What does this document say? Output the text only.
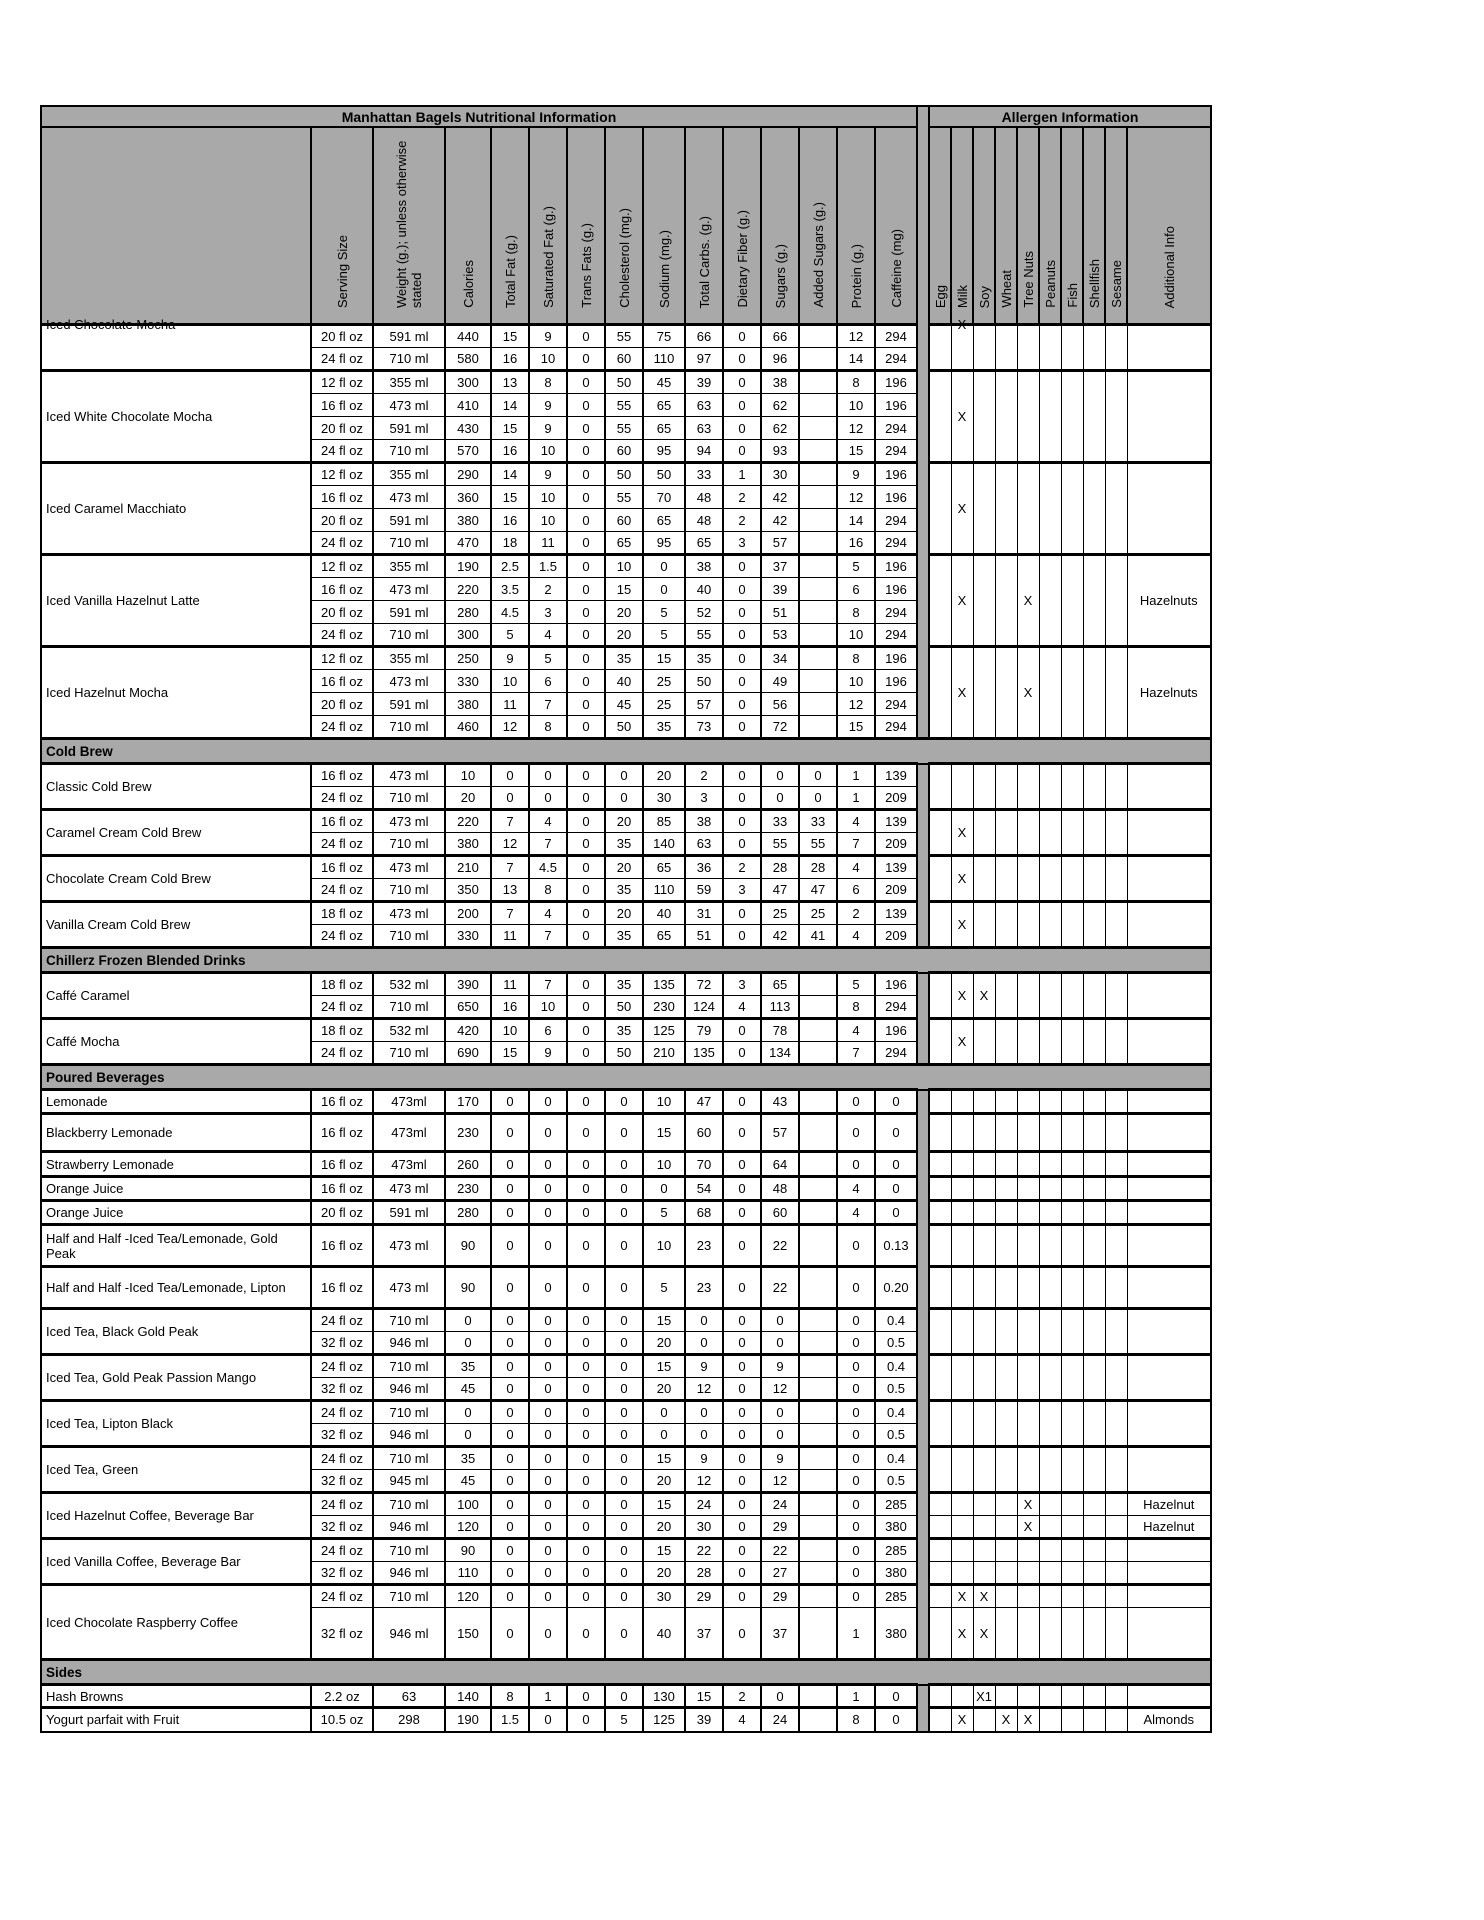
Manhattan Bagels Nutritional Information																Allergen Information									
	Serving Size	Weight (g.); unless otherwise stated	Calories	Total Fat (g.)	Saturated Fat (g.)	Trans Fats (g.)	Cholesterol (mg.)	Sodium (mg.)	Total Carbs. (g.)	Dietary Fiber (g.)	Sugars (g.)	Added Sugars (g.)	Protein (g.)	Caffeine (mg)		Egg	Milk	Soy	Wheat	Tree Nuts	Peanuts	Fish	Shellfish	Sesame	Additional Info

Iced Chocolate Mocha	20 fl oz	591 ml	440	15	9	0	55	75	66	0	66		12	294			X								

	24 fl oz	710 ml	580	16	10	0	60	110	97	0	96		14	294											
Iced White Chocolate Mocha	12 fl oz	355 ml	300	13	8	0	50	45	39	0	38		8	196			X								
	16 fl oz	473 ml	410	14	9	0	55	65	63	0	62		10	196											
	20 fl oz	591 ml	430	15	9	0	55	65	63	0	62		12	294											
	24 fl oz	710 ml	570	16	10	0	60	95	94	0	93		15	294											
Iced Caramel Macchiato	12 fl oz	355 ml	290	14	9	0	50	50	33	1	30		9	196			X								
	16 fl oz	473 ml	360	15	10	0	55	70	48	2	42		12	196											
	20 fl oz	591 ml	380	16	10	0	60	65	48	2	42		14	294											
	24 fl oz	710 ml	470	18	11	0	65	95	65	3	57		16	294											
Iced Vanilla Hazelnut Latte	12 fl oz	355 ml	190	2.5	1.5	0	10	0	38	0	37		5	196			X			X					Hazelnuts
	16 fl oz	473 ml	220	3.5	2	0	15	0	40	0	39		6	196											
	20 fl oz	591 ml	280	4.5	3	0	20	5	52	0	51		8	294											
	24 fl oz	710 ml	300	5	4	0	20	5	55	0	53		10	294											
Iced Hazelnut Mocha	12 fl oz	355 ml	250	9	5	0	35	15	35	0	34		8	196			X			X					Hazelnuts
	16 fl oz	473 ml	330	10	6	0	40	25	50	0	49		10	196											
	20 fl oz	591 ml	380	11	7	0	45	25	57	0	56		12	294											
	24 fl oz	710 ml	460	12	8	0	50	35	73	0	72		15	294											
Cold Brew																									
Classic Cold Brew	16 fl oz	473 ml	10	0	0	0	0	20	2	0	0	0	1	139											
	24 fl oz	710 ml	20	0	0	0	0	30	3	0	0	0	1	209											
Caramel Cream Cold Brew	16 fl oz	473 ml	220	7	4	0	20	85	38	0	33	33	4	139			X								
	24 fl oz	710 ml	380	12	7	0	35	140	63	0	55	55	7	209											
Chocolate Cream Cold Brew	16 fl oz	473 ml	210	7	4.5	0	20	65	36	2	28	28	4	139			X								
	24 fl oz	710 ml	350	13	8	0	35	110	59	3	47	47	6	209											
Vanilla Cream Cold Brew	18 fl oz	473 ml	200	7	4	0	20	40	31	0	25	25	2	139			X								
	24 fl oz	710 ml	330	11	7	0	35	65	51	0	42	41	4	209											
Chillerz Frozen Blended Drinks																									
Caffé Caramel	18 fl oz	532 ml	390	11	7	0	35	135	72	3	65		5	196			X	X							
	24 fl oz	710 ml	650	16	10	0	50	230	124	4	113		8	294											
Caffé Mocha	18 fl oz	532 ml	420	10	6	0	35	125	79	0	78		4	196			X								
	24 fl oz	710 ml	690	15	9	0	50	210	135	0	134		7	294											
Poured Beverages																									
Lemonade	16 fl oz	473ml	170	0	0	0	0	10	47	0	43		0	0											
Blackberry Lemonade	16 fl oz	473ml	230	0	0	0	0	15	60	0	57		0	0											
Strawberry Lemonade	16 fl oz	473ml	260	0	0	0	0	10	70	0	64		0	0											
Orange Juice	16 fl oz	473 ml	230	0	0	0	0	0	54	0	48		4	0											
Orange Juice	20 fl oz	591 ml	280	0	0	0	0	5	68	0	60		4	0											
Half and Half -Iced Tea/Lemonade, Gold Peak	16 fl oz	473 ml	90	0	0	0	0	10	23	0	22		0	0.13											
Half and Half -Iced Tea/Lemonade, Lipton	16 fl oz	473 ml	90	0	0	0	0	5	23	0	22		0	0.20											
Iced Tea, Black Gold Peak	24 fl oz	710 ml	0	0	0	0	0	15	0	0	0		0	0.4											
	32 fl oz	946 ml	0	0	0	0	0	20	0	0	0		0	0.5											
Iced Tea, Gold Peak Passion Mango	24 fl oz	710 ml	35	0	0	0	0	15	9	0	9		0	0.4											
	32 fl oz	946 ml	45	0	0	0	0	20	12	0	12		0	0.5											
Iced Tea, Lipton Black	24 fl oz	710 ml	0	0	0	0	0	0	0	0	0		0	0.4											
	32 fl oz	946 ml	0	0	0	0	0	0	0	0	0		0	0.5											
Iced Tea, Green	24 fl oz	710 ml	35	0	0	0	0	15	9	0	9		0	0.4											
	32 fl oz	945 ml	45	0	0	0	0	20	12	0	12		0	0.5											
Iced Hazelnut Coffee, Beverage Bar	24 fl oz	710 ml	100	0	0	0	0	15	24	0	24		0	285						X					Hazelnut
	32 fl oz	946 ml	120	0	0	0	0	20	30	0	29		0	380						X					Hazelnut
Iced Vanilla Coffee, Beverage Bar	24 fl oz	710 ml	90	0	0	0	0	15	22	0	22		0	285											
	32 fl oz	946 ml	110	0	0	0	0	20	28	0	27		0	380											
Iced Chocolate Raspberry Coffee	24 fl oz	710 ml	120	0	0	0	0	30	29	0	29		0	285			X	X							
	32 fl oz	946 ml	150	0	0	0	0	40	37	0	37		1	380			X	X							
Sides																									
Hash Browns	2.2 oz	63	140	8	1	0	0	130	15	2	0		1	0				X1							
Yogurt parfait with Fruit	10.5 oz	298	190	1.5	0	0	5	125	39	4	24		8	0			X		X	X					Almonds
